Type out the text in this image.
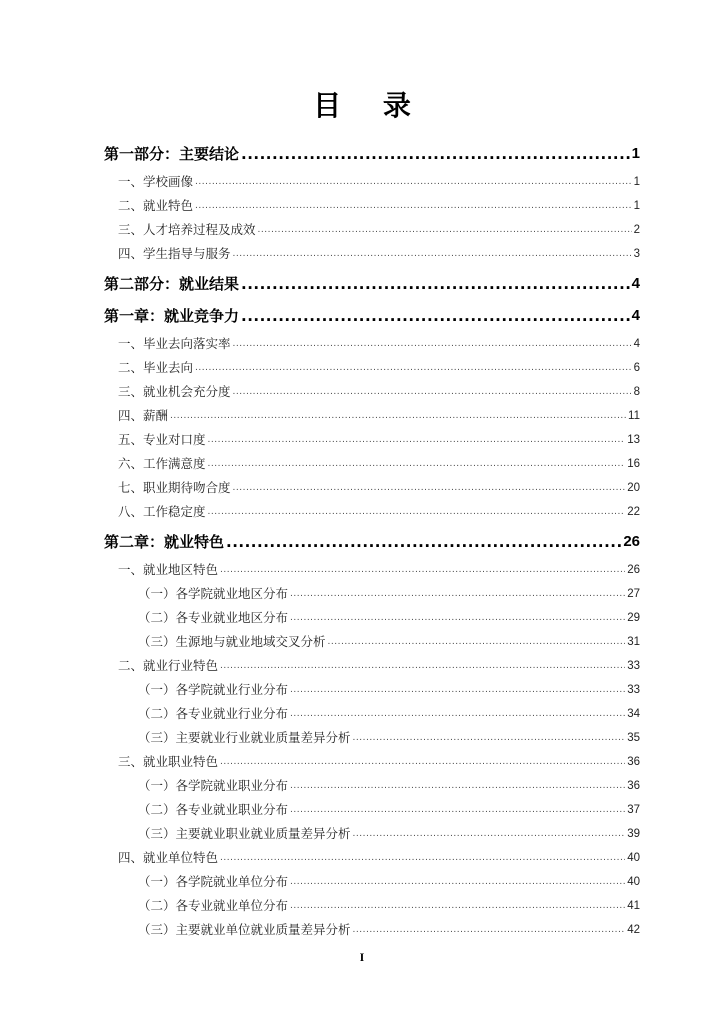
目 录
第一部分：主要结论 .....	1
一、学校画像 .....	1
二、就业特色 .....	1
三、人才培养过程及成效 .....	2
四、学生指导与服务 .....	3
第二部分：就业结果 .....	4
第一章：就业竞争力 .....	4
一、毕业去向落实率 .....	4
二、毕业去向 .....	6
三、就业机会充分度 .....	8
四、薪酬 .....	11
五、专业对口度 .....	13
六、工作满意度 .....	16
七、职业期待吻合度 .....	20
八、工作稳定度 .....	22
第二章：就业特色 .....	26
一、就业地区特色 .....	26
（一）各学院就业地区分布 .....	27
（二）各专业就业地区分布 .....	29
（三）生源地与就业地域交叉分析 .....	31
二、就业行业特色 .....	33
（一）各学院就业行业分布 .....	33
（二）各专业就业行业分布 .....	34
（三）主要就业行业就业质量差异分析 .....	35
三、就业职业特色 .....	36
（一）各学院就业职业分布 .....	36
（二）各专业就业职业分布 .....	37
（三）主要就业职业就业质量差异分析 .....	39
四、就业单位特色 .....	40
（一）各学院就业单位分布 .....	40
（二）各专业就业单位分布 .....	41
（三）主要就业单位就业质量差异分析 .....	42
I
